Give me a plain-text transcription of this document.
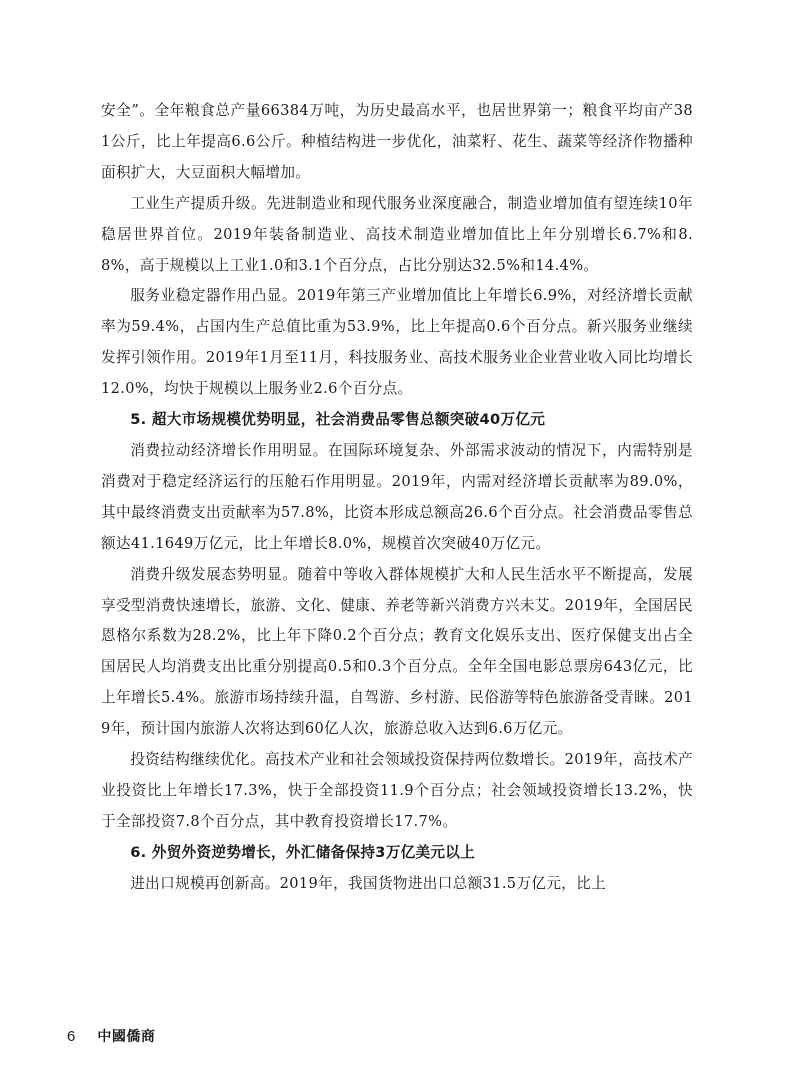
安全”。全年粮食总产量66384万吨，为历史最高水平，也居世界第一；粮食平均亩产381公斤，比上年提高6.6公斤。种植结构进一步优化，油菜籽、花生、蔬菜等经济作物播种面积扩大，大豆面积大幅增加。

工业生产提质升级。先进制造业和现代服务业深度融合，制造业增加值有望连续10年稳居世界首位。2019年装备制造业、高技术制造业增加值比上年分别增长6.7%和8.8%，高于规模以上工业1.0和3.1个百分点，占比分别达32.5%和14.4%。

服务业稳定器作用凸显。2019年第三产业增加值比上年增长6.9%，对经济增长贡献率为59.4%，占国内生产总值比重为53.9%，比上年提高0.6个百分点。新兴服务业继续发挥引领作用。2019年1月至11月，科技服务业、高技术服务业企业营业收入同比均增长12.0%，均快于规模以上服务业2.6个百分点。

5. 超大市场规模优势明显，社会消费品零售总额突破40万亿元

消费拉动经济增长作用明显。在国际环境复杂、外部需求波动的情况下，内需特别是消费对于稳定经济运行的压舱石作用明显。2019年，内需对经济增长贡献率为89.0%，其中最终消费支出贡献率为57.8%，比资本形成总额高26.6个百分点。社会消费品零售总额达41.1649万亿元，比上年增长8.0%，规模首次突破40万亿元。

消费升级发展态势明显。随着中等收入群体规模扩大和人民生活水平不断提高，发展享受型消费快速增长，旅游、文化、健康、养老等新兴消费方兴未艾。2019年，全国居民恩格尔系数为28.2%，比上年下降0.2个百分点；教育文化娱乐支出、医疗保健支出占全国居民人均消费支出比重分别提高0.5和0.3个百分点。全年全国电影总票房643亿元，比上年增长5.4%。旅游市场持续升温，自驾游、乡村游、民俗游等特色旅游备受青睐。2019年，预计国内旅游人次将达到60亿人次，旅游总收入达到6.6万亿元。

投资结构继续优化。高技术产业和社会领域投资保持两位数增长。2019年，高技术产业投资比上年增长17.3%，快于全部投资11.9个百分点；社会领域投资增长13.2%，快于全部投资7.8个百分点，其中教育投资增长17.7%。

6. 外贸外资逆势增长，外汇储备保持3万亿美元以上

进出口规模再创新高。2019年，我国货物进出口总额31.5万亿元，比上

6 中國僑商
